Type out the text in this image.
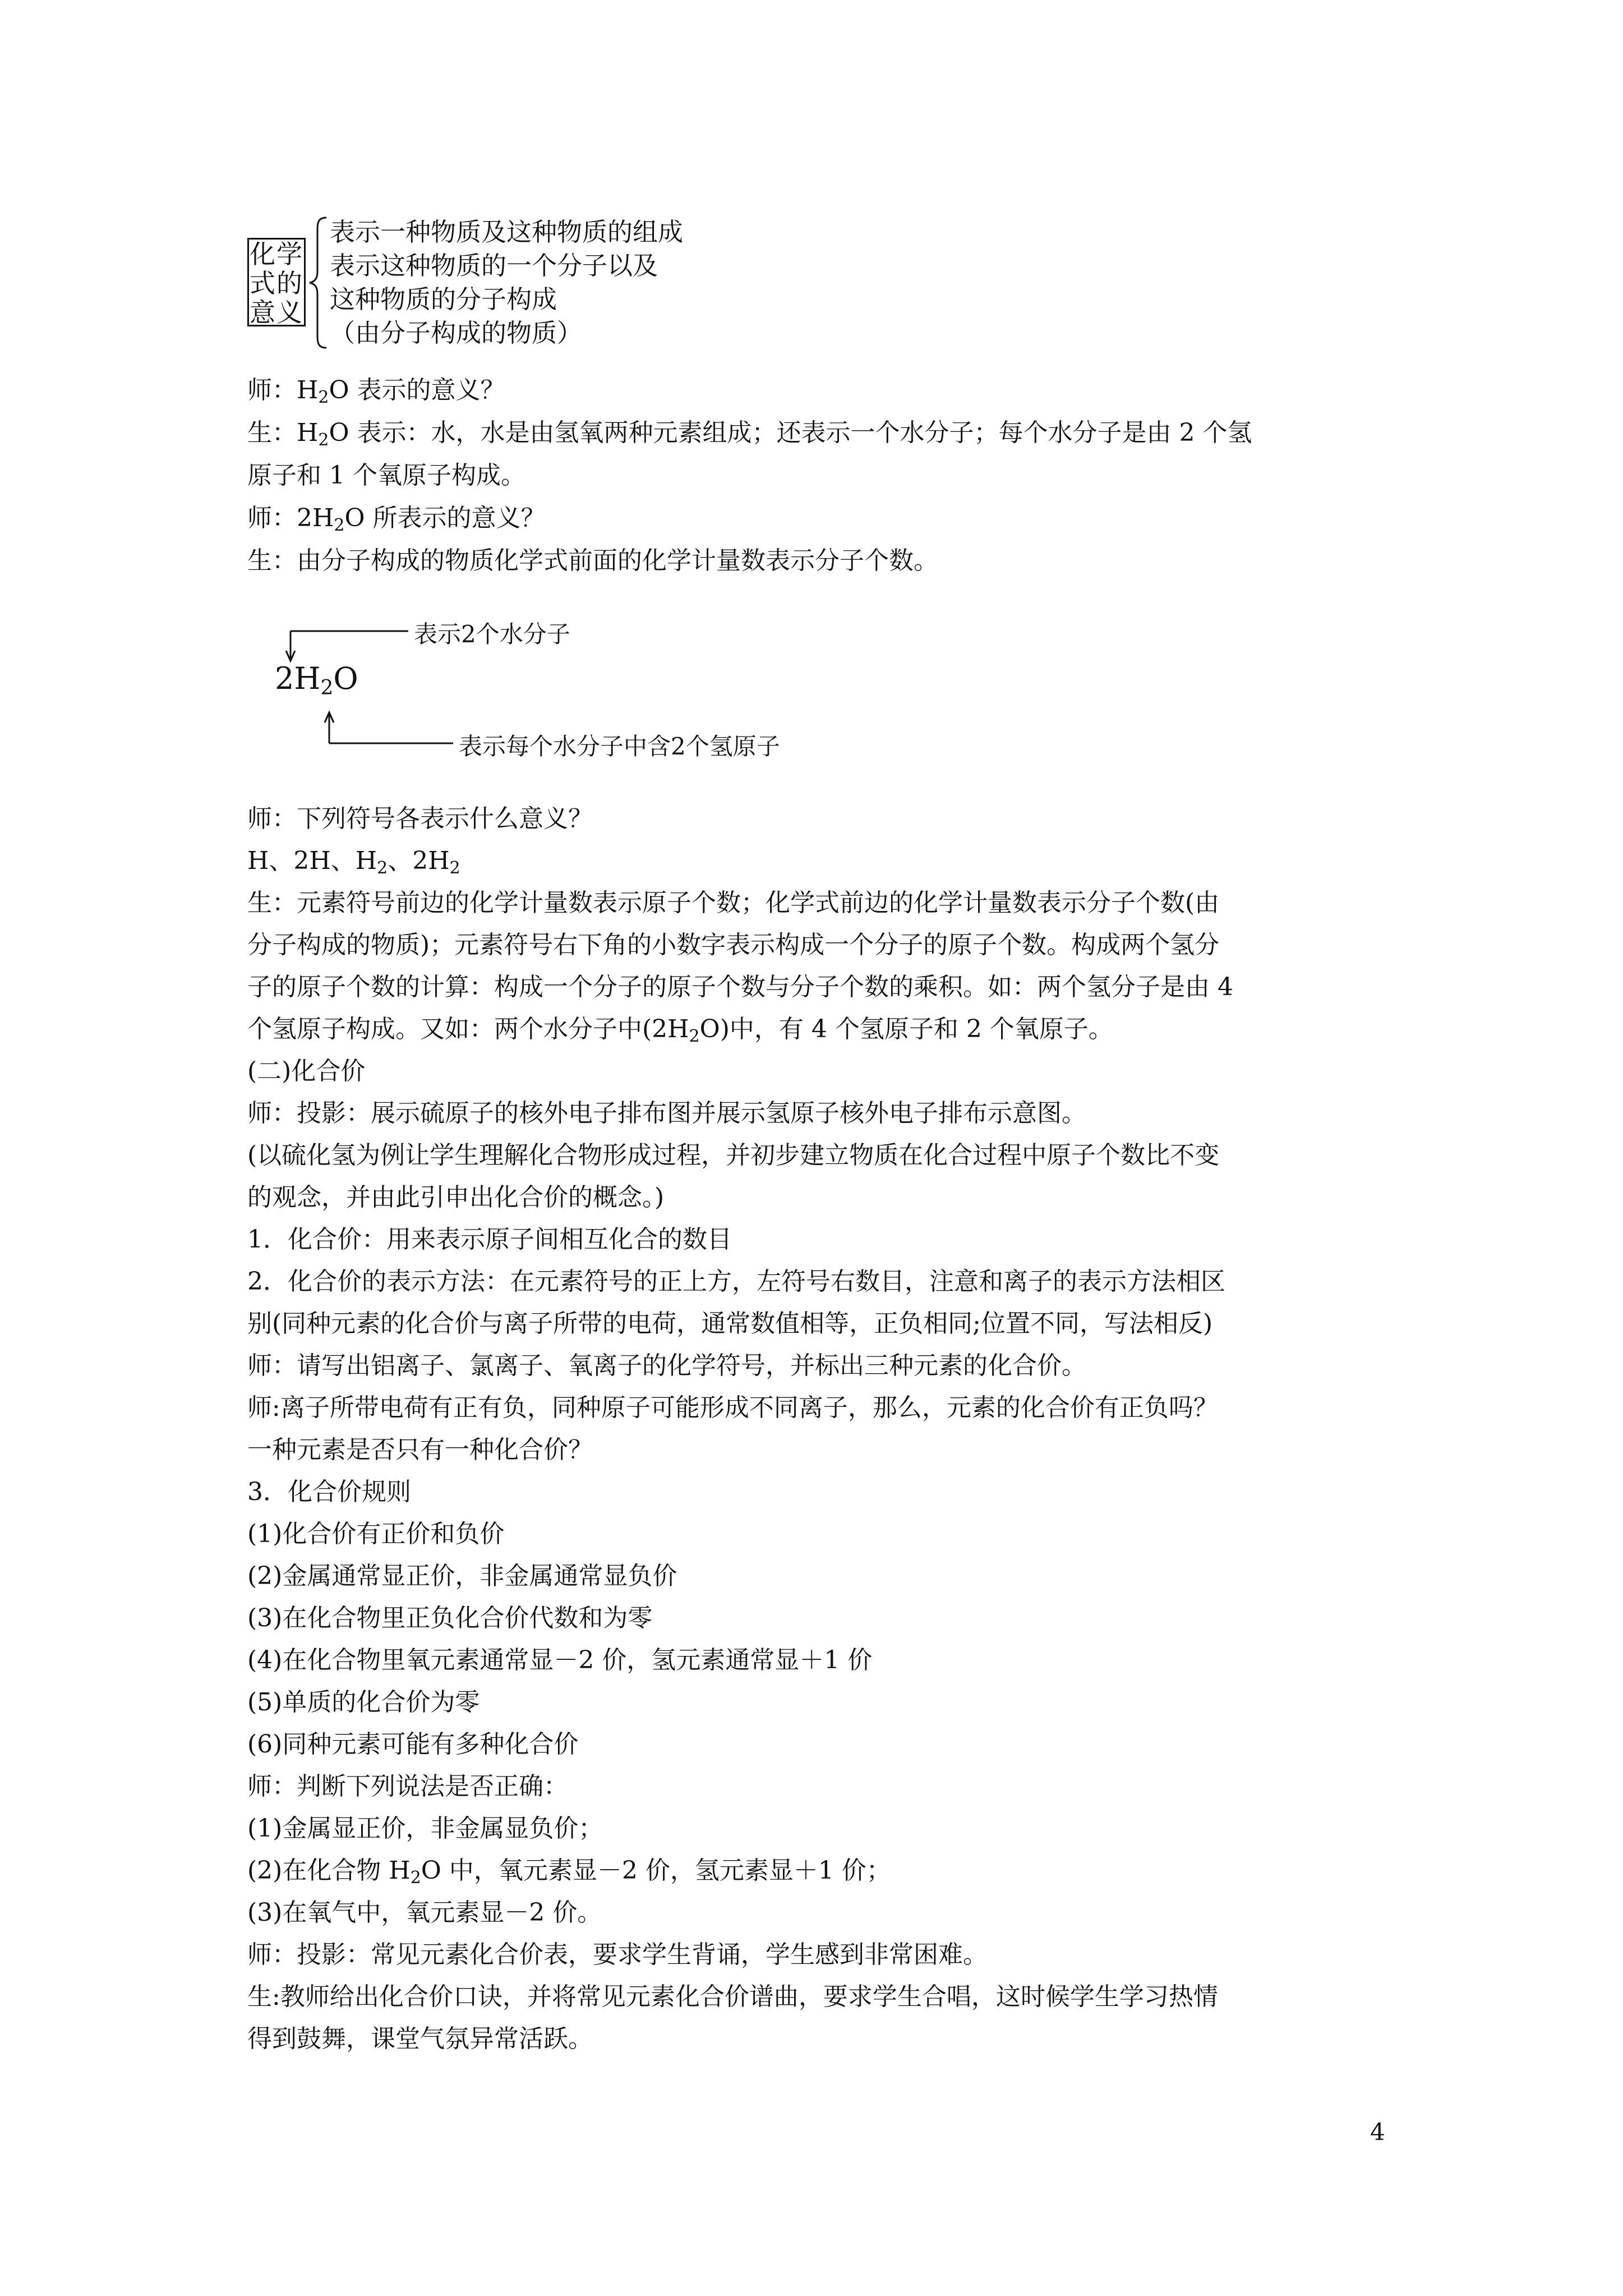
化学
式的
意义
表示一种物质及这种物质的组成
表示这种物质的一个分子以及
这种物质的分子构成
（由分子构成的物质）
师：$H_2O$ 表示的意义？
生：$H_2O$ 表示：水，水是由氢氧两种元素组成；还表示一个水分子；每个水分子是由 2 个氢
原子和 1 个氧原子构成。
师：$2H_2O$ 所表示的意义？
生：由分子构成的物质化学式前面的化学计量数表示分子个数。
表示2个水分子
$2H_2O$
表示每个水分子中含2个氢原子
师：下列符号各表示什么意义？
H、2H、$H_2$、$2H_2$
生：元素符号前边的化学计量数表示原子个数；化学式前边的化学计量数表示分子个数(由
分子构成的物质)；元素符号右下角的小数字表示构成一个分子的原子个数。构成两个氢分
子的原子个数的计算：构成一个分子的原子个数与分子个数的乘积。如：两个氢分子是由 4
个氢原子构成。又如：两个水分子中$(2H_2O)$中，有 4 个氢原子和 2 个氧原子。
(二)化合价
师：投影：展示硫原子的核外电子排布图并展示氢原子核外电子排布示意图。
(以硫化氢为例让学生理解化合物形成过程，并初步建立物质在化合过程中原子个数比不变
的观念，并由此引申出化合价的概念。)
1．化合价：用来表示原子间相互化合的数目
2．化合价的表示方法：在元素符号的正上方，左符号右数目，注意和离子的表示方法相区
别(同种元素的化合价与离子所带的电荷，通常数值相等，正负相同;位置不同，写法相反)
师：请写出铝离子、氯离子、氧离子的化学符号，并标出三种元素的化合价。
师:离子所带电荷有正有负，同种原子可能形成不同离子，那么，元素的化合价有正负吗？
一种元素是否只有一种化合价？
3．化合价规则
(1)化合价有正价和负价
(2)金属通常显正价，非金属通常显负价
(3)在化合物里正负化合价代数和为零
(4)在化合物里氧元素通常显－2 价，氢元素通常显＋1 价
(5)单质的化合价为零
(6)同种元素可能有多种化合价
师：判断下列说法是否正确：
(1)金属显正价，非金属显负价；
(2)在化合物 $H_2O$ 中，氧元素显－2 价，氢元素显＋1 价；
(3)在氧气中，氧元素显－2 价。
师：投影：常见元素化合价表，要求学生背诵，学生感到非常困难。
生:教师给出化合价口诀，并将常见元素化合价谱曲，要求学生合唱，这时候学生学习热情
得到鼓舞，课堂气氛异常活跃。
4
